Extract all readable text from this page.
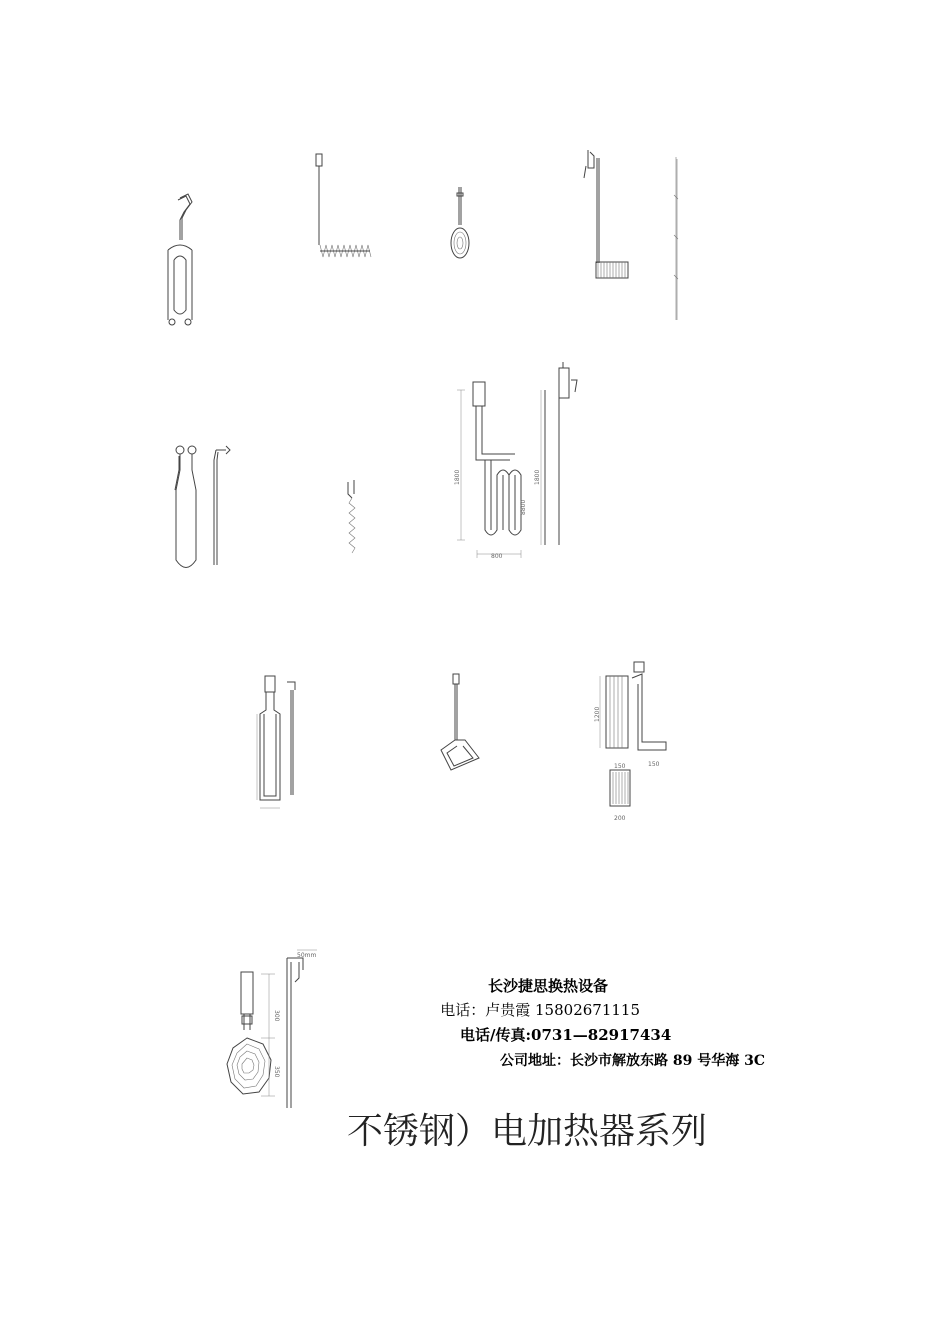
1800
8800
800
1800
1200
150
150
200
300
350
50mm
长沙捷思换热设备
电话：卢贵霞 15802671115
电话/传真:0731—82917434
公司地址：长沙市解放东路 89 号华海 3C
不锈钢）电加热器系列
